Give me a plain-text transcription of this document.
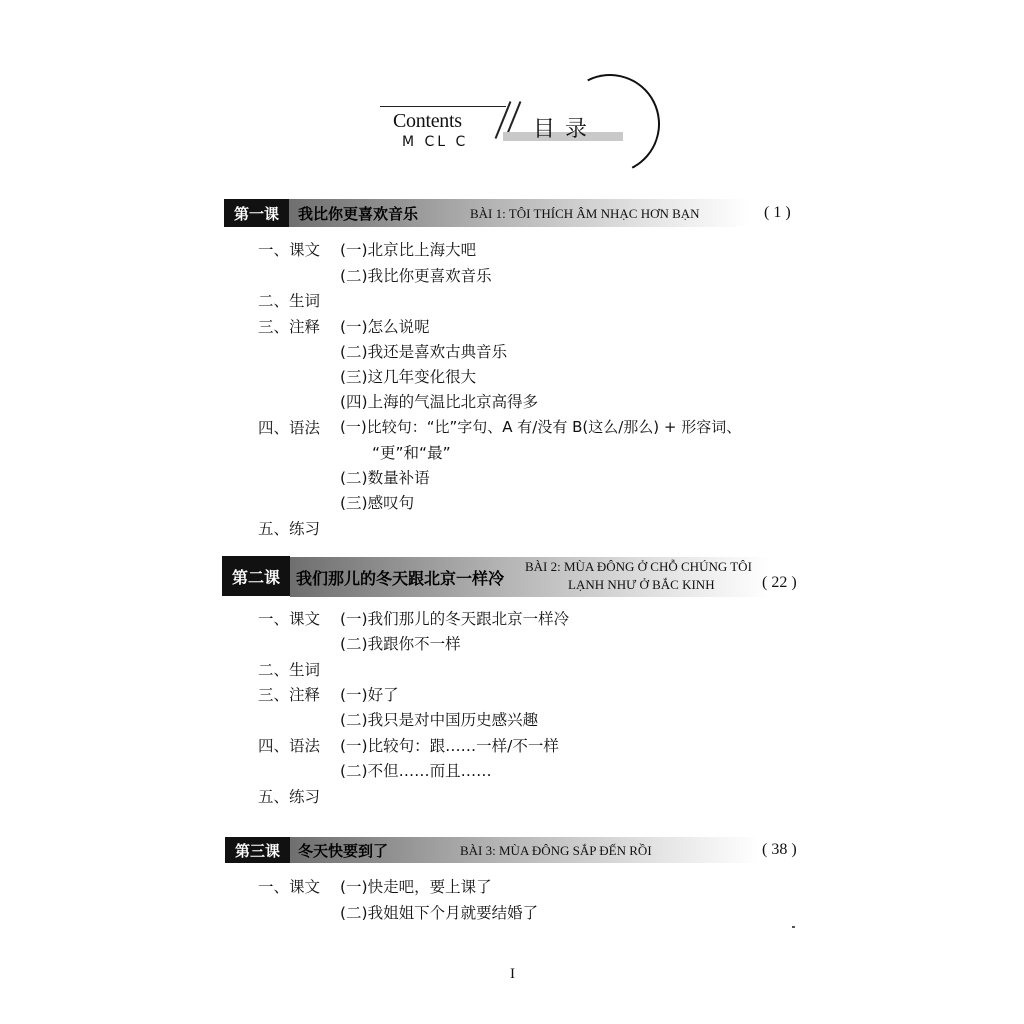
Contents
M CL C	目录
第一课	我比你更喜欢音乐	BÀI 1: TÔI THÍCH ÂM NHẠC HƠN BẠN	( 1 )
一、课文 (一)北京比上海大吧
(二)我比你更喜欢音乐
二、生词
三、注释 (一)怎么说呢
(二)我还是喜欢古典音乐
(三)这几年变化很大
(四)上海的气温比北京高得多
四、语法 (一)比较句：“比”字句、A 有/没有 B(这么/那么) + 形容词、
“更”和“最”
(二)数量补语
(三)感叹句
五、练习
第二课	我们那儿的冬天跟北京一样冷
BÀI 2: MÙA ĐÔNG Ở CHỖ CHÚNG TÔI
LẠNH NHƯ Ở BẮC KINH	( 22 )
一、课文 (一)我们那儿的冬天跟北京一样冷
(二)我跟你不一样
二、生词
三、注释 (一)好了
(二)我只是对中国历史感兴趣
四、语法 (一)比较句：跟……一样/不一样
(二)不但……而且……
五、练习
第三课	冬天快要到了	BÀI 3: MÙA ĐÔNG SẮP ĐẾN RỒI	( 38 )
一、课文 (一)快走吧，要上课了
(二)我姐姐下个月就要结婚了
I
